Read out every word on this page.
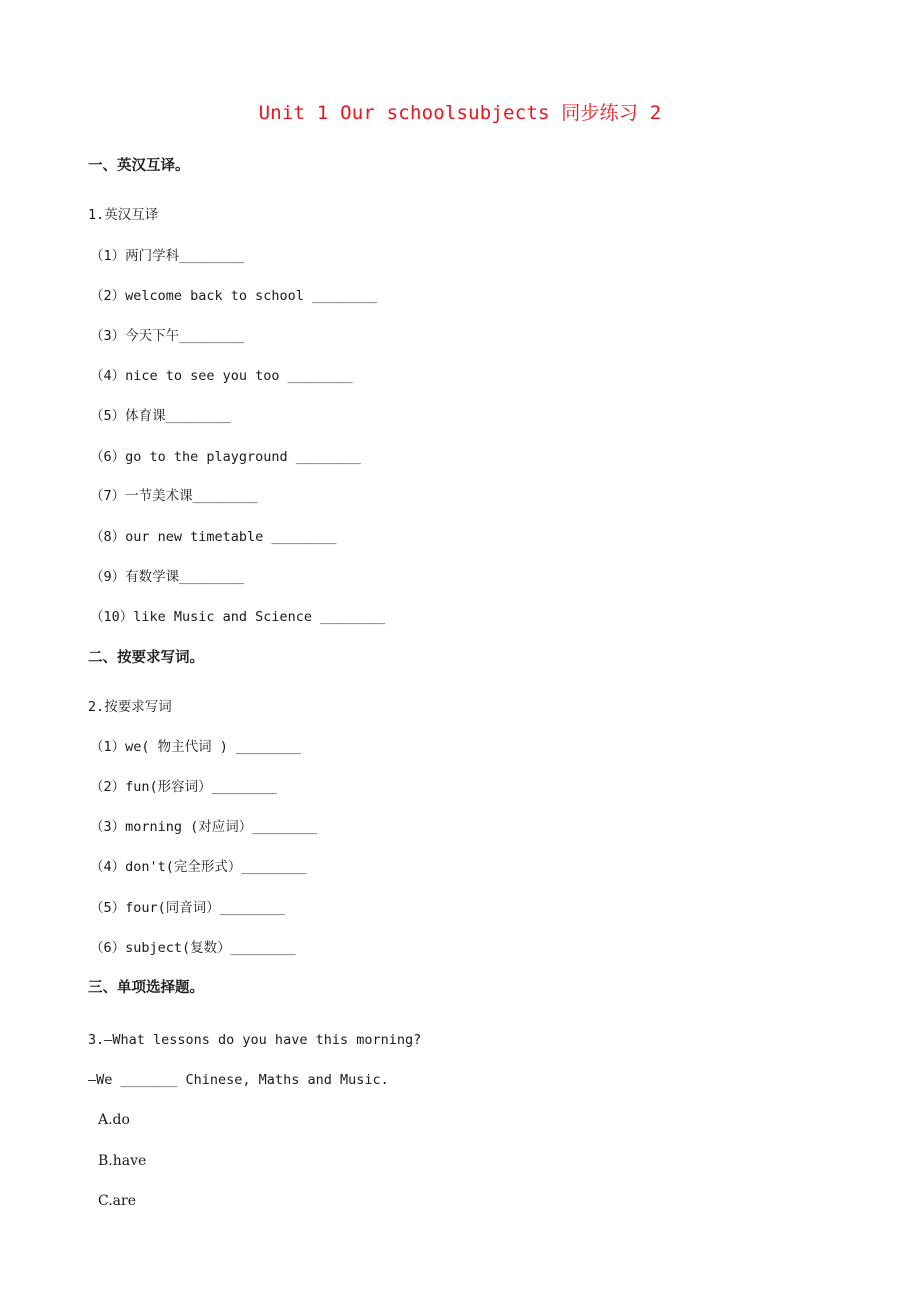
Unit 1 Our schoolsubjects 同步练习 2
一、英汉互译。
1.英汉互译
（1）两门学科________
（2）welcome back to school ________
（3）今天下午________
（4）nice to see you too ________
（5）体育课________
（6）go to the playground ________
（7）一节美术课________
（8）our new timetable ________
（9）有数学课________
（10）like Music and Science ________
二、按要求写词。
2.按要求写词
（1）we( 物主代词 ) ________
（2）fun(形容词）________
（3）morning (对应词）________
（4）don't(完全形式）________
（5）four(同音词）________
（6）subject(复数）________
三、单项选择题。
3.—What lessons do you have this morning?
—We _______ Chinese, Maths and Music.
A.do
B.have
C.are
